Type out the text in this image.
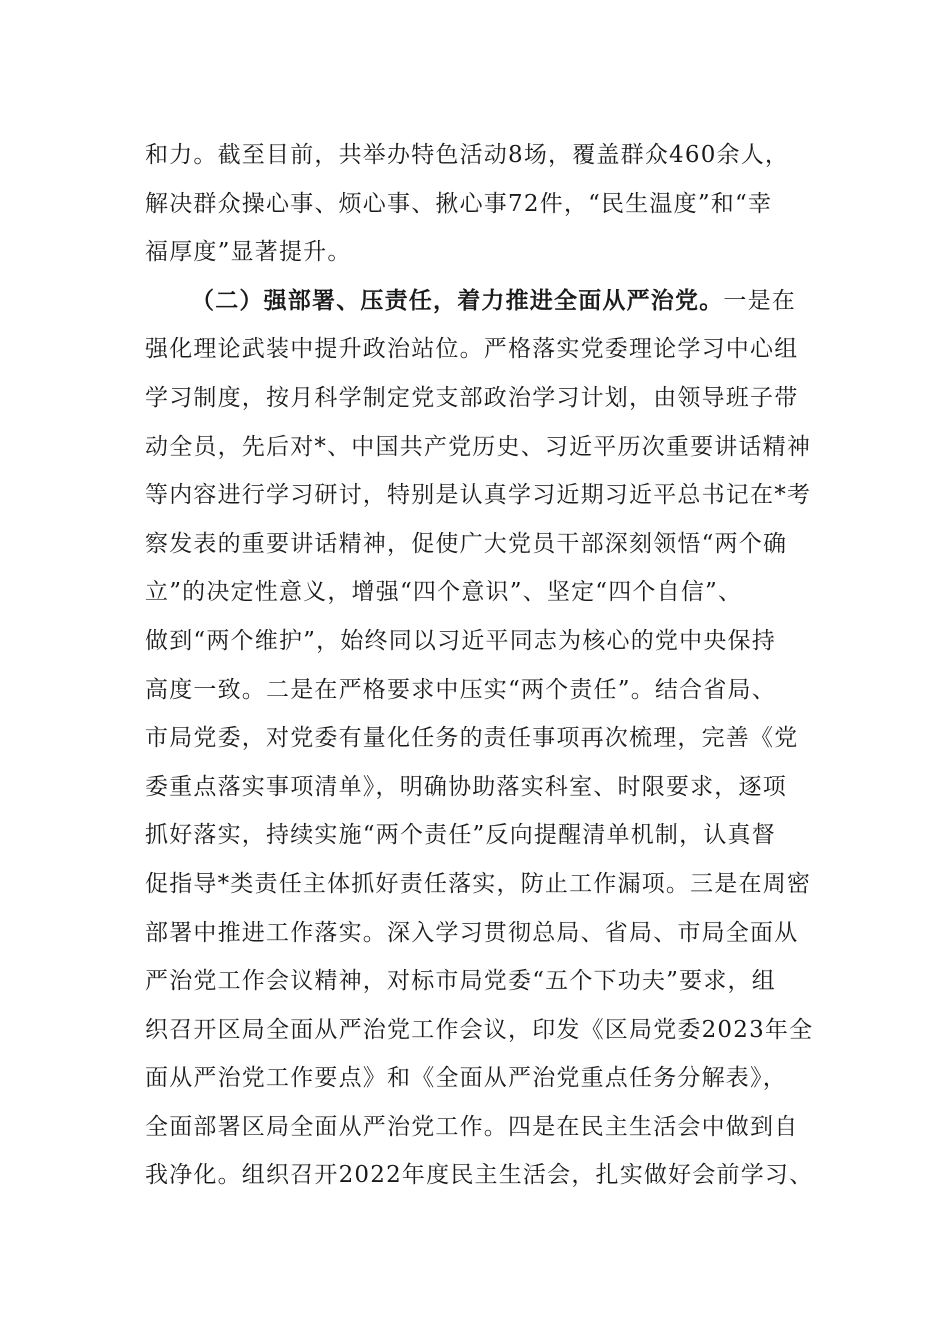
和力。截至目前，共举办特色活动8场，覆盖群众460余人，
解决群众操心事、烦心事、揪心事72件，“民生温度”和“幸
福厚度”显著提升。
（二）强部署、压责任，着力推进全面从严治党。一是在
强化理论武装中提升政治站位。严格落实党委理论学习中心组
学习制度，按月科学制定党支部政治学习计划，由领导班子带
动全员，先后对*、中国共产党历史、习近平历次重要讲话精神
等内容进行学习研讨，特别是认真学习近期习近平总书记在*考
察发表的重要讲话精神，促使广大党员干部深刻领悟“两个确
立”的决定性意义，增强“四个意识”、坚定“四个自信”、
做到“两个维护”，始终同以习近平同志为核心的党中央保持
高度一致。二是在严格要求中压实“两个责任”。结合省局、
市局党委，对党委有量化任务的责任事项再次梳理，完善《党
委重点落实事项清单》，明确协助落实科室、时限要求，逐项
抓好落实，持续实施“两个责任”反向提醒清单机制，认真督
促指导*类责任主体抓好责任落实，防止工作漏项。三是在周密
部署中推进工作落实。深入学习贯彻总局、省局、市局全面从
严治党工作会议精神，对标市局党委“五个下功夫”要求，组
织召开区局全面从严治党工作会议，印发《区局党委2023年全
面从严治党工作要点》和《全面从严治党重点任务分解表》，
全面部署区局全面从严治党工作。四是在民主生活会中做到自
我净化。组织召开2022年度民主生活会，扎实做好会前学习、
